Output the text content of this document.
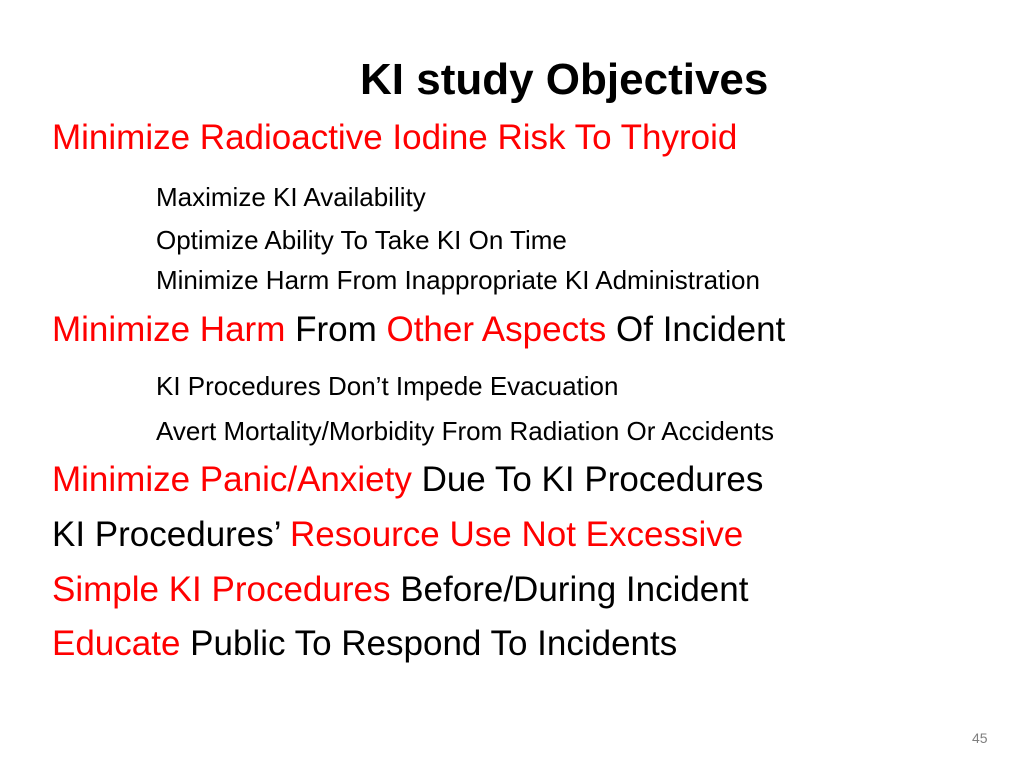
KI study Objectives
Minimize Radioactive Iodine Risk To Thyroid
Maximize KI Availability
Optimize Ability To Take KI On Time
Minimize Harm From Inappropriate KI Administration
Minimize Harm From Other Aspects Of Incident
KI Procedures Don’t Impede Evacuation
Avert Mortality/Morbidity From Radiation Or Accidents
Minimize Panic/Anxiety Due To KI Procedures
KI Procedures’ Resource Use Not Excessive
Simple KI Procedures Before/During Incident
Educate Public To Respond To Incidents
45
